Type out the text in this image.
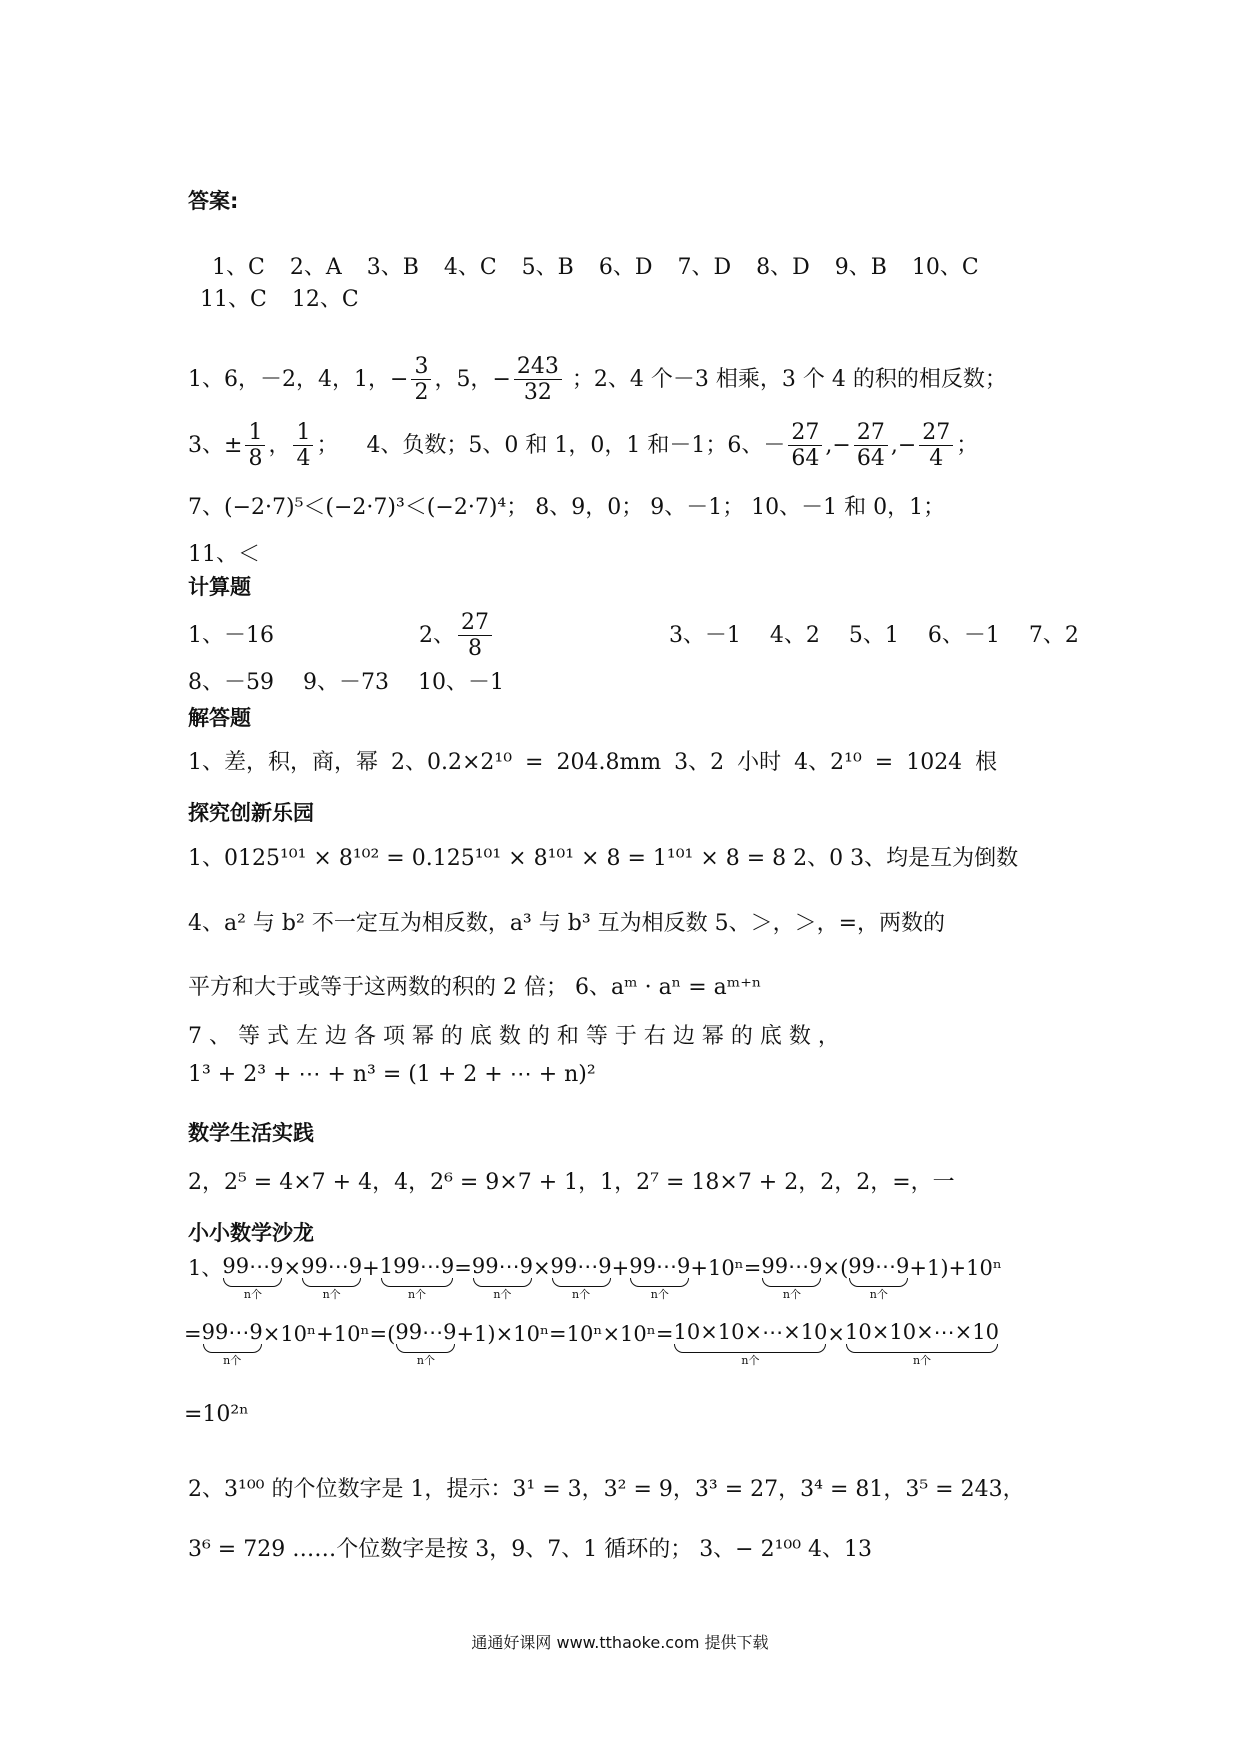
答案:
1、C 2、A 3、B 4、C 5、B 6、D 7、D 8、D 9、B 10、C
11、C 12、C
1、6，－2，4，1，− $\frac{3}{2}$ ，5，− $\frac{243}{32}$ ；2、4 个－3 相乘，3 个 4 的积的相反数；
3、± $\frac{1}{8}$ ， $\frac{1}{4}$ ；    4、负数；5、0 和 1，0，1 和－1；6、－ $\frac{27}{64}$ ,− $\frac{27}{64}$ ,− $\frac{27}{4}$ ；
7、(−2·7)⁵＜(−2·7)³＜(−2·7)⁴； 8、9，0； 9、－1； 10、－1 和 0，1；
11、＜
计算题
1、－16	2、 $\frac{27}{8}$	3、－1 4、2 5、1 6、－1 7、2
8、－59 9、－73 10、－1
解答题
1、差，积，商，幂 2、0.2×2¹⁰ = 204.8mm 3、2 小时 4、2¹⁰ = 1024 根
探究创新乐园
1、0125¹⁰¹ × 8¹⁰² = 0.125¹⁰¹ × 8¹⁰¹ × 8 = 1¹⁰¹ × 8 = 8 2、0 3、均是互为倒数
4、a² 与 b² 不一定互为相反数，a³ 与 b³ 互为相反数 5、＞，＞，=，两数的
平方和大于或等于这两数的积的 2 倍； 6、aᵐ · aⁿ = aᵐ⁺ⁿ
7 、 等 式 左 边 各 项 幂 的 底 数 的 和 等 于 右 边 幂 的 底 数 ，
1³ + 2³ + ⋯ + n³ = (1 + 2 + ⋯ + n)²
数学生活实践
2，2⁵ = 4×7 + 4，4，2⁶ = 9×7 + 1，1，2⁷ = 18×7 + 2，2，2，=，一
小小数学沙龙
1、 99⋯9
n个
× 99⋯9
n个
+ 199⋯9
n个
= 99⋯9
n个
× 99⋯9
n个
+ 99⋯9
n个
+10ⁿ= 99⋯9
n个
×( 99⋯9
n个
+1)+10ⁿ
= 99⋯9
n个
×10ⁿ+10ⁿ=( 99⋯9
n个
+1)×10ⁿ=10ⁿ×10ⁿ= 10×10×⋯×10
n个
× 10×10×⋯×10
n个
=10²ⁿ
2、3¹⁰⁰ 的个位数字是 1，提示：3¹ = 3，3² = 9，3³ = 27，3⁴ = 81，3⁵ = 243，
3⁶ = 729 ……个位数字是按 3，9、7、1 循环的； 3、− 2¹⁰⁰ 4、13
通通好课网 www.tthaoke.com 提供下载
